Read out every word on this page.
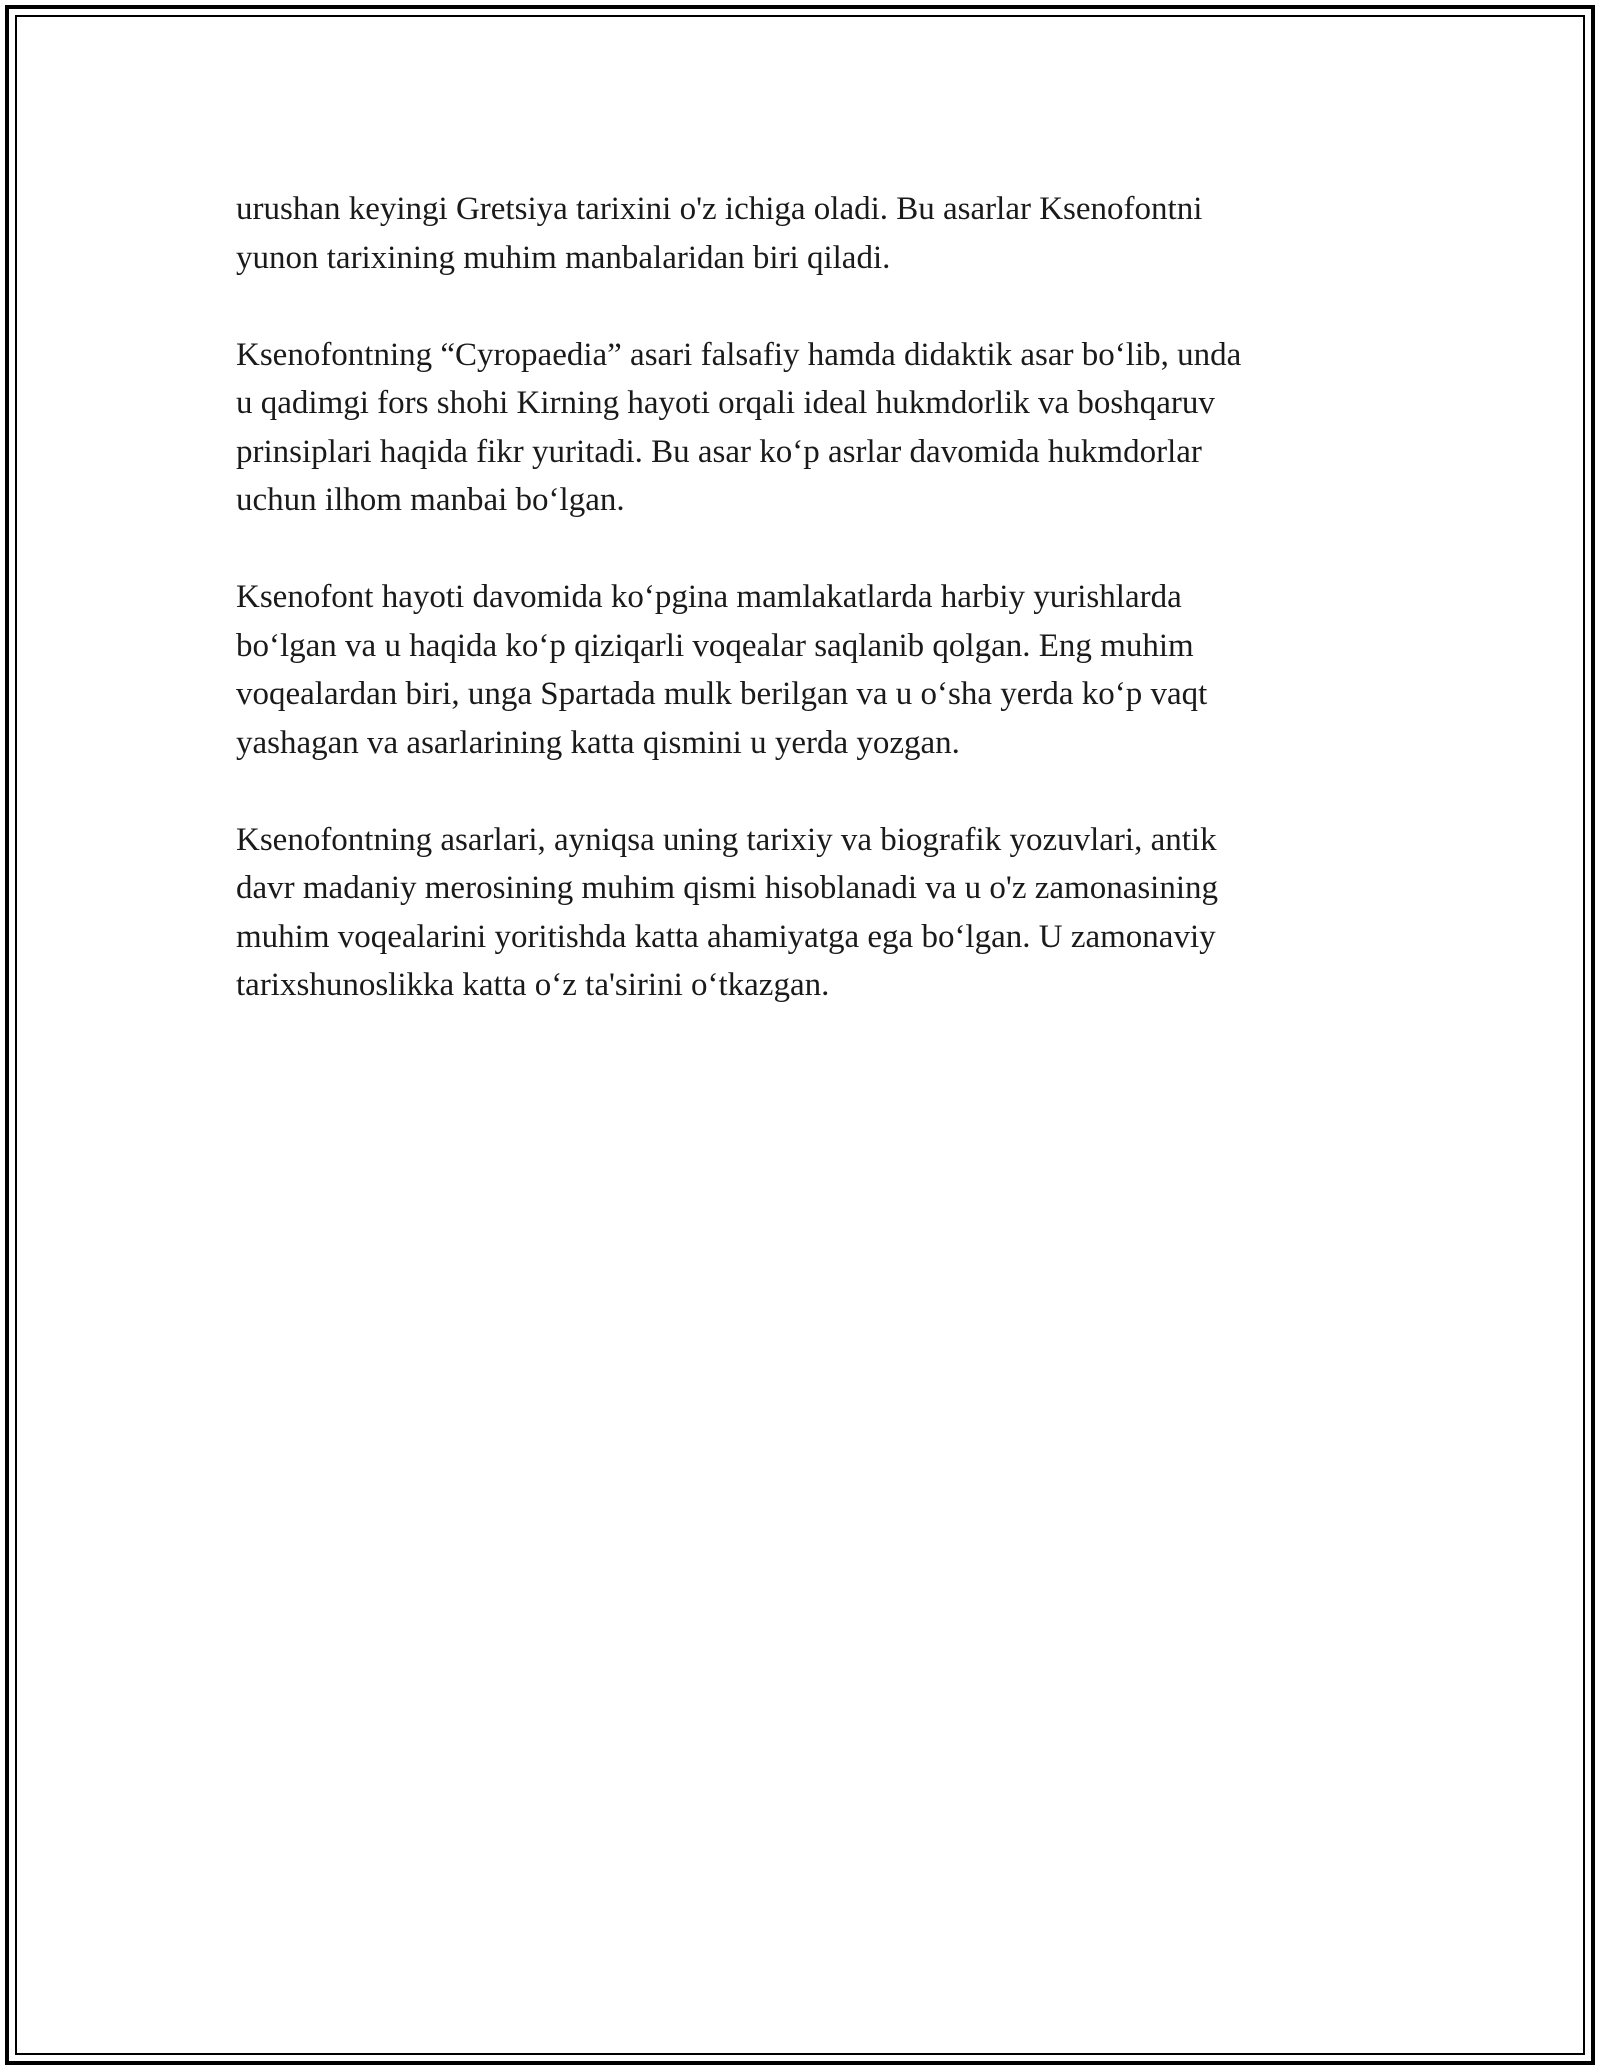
urushan keyingi Gretsiya tarixini o'z ichiga oladi. Bu asarlar Ksenofontni
yunon tarixining muhim manbalaridan biri qiladi.

Ksenofontning “Cyropaedia” asari falsafiy hamda didaktik asar bo‘lib, unda
u qadimgi fors shohi Kirning hayoti orqali ideal hukmdorlik va boshqaruv
prinsiplari haqida fikr yuritadi. Bu asar ko‘p asrlar davomida hukmdorlar
uchun ilhom manbai bo‘lgan.

Ksenofont hayoti davomida ko‘pgina mamlakatlarda harbiy yurishlarda
bo‘lgan va u haqida ko‘p qiziqarli voqealar saqlanib qolgan. Eng muhim
voqealardan biri, unga Spartada mulk berilgan va u o‘sha yerda ko‘p vaqt
yashagan va asarlarining katta qismini u yerda yozgan.

Ksenofontning asarlari, ayniqsa uning tarixiy va biografik yozuvlari, antik
davr madaniy merosining muhim qismi hisoblanadi va u o'z zamonasining
muhim voqealarini yoritishda katta ahamiyatga ega bo‘lgan. U zamonaviy
tarixshunoslikka katta o‘z ta'sirini o‘tkazgan.
